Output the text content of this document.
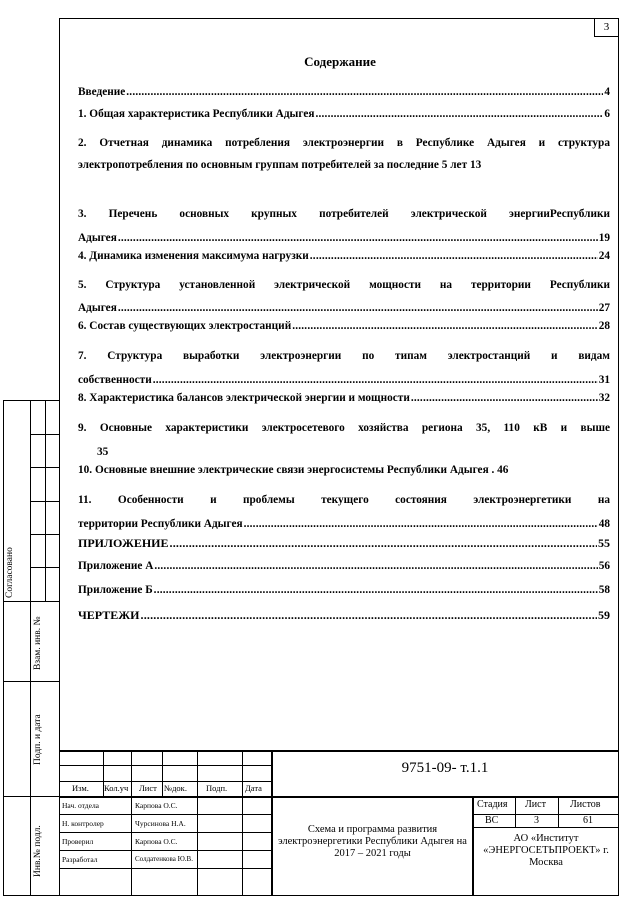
3
Содержание
Введение .....	4
1. Общая характеристика Республики Адыгея .....	6
2. Отчетная динамика потребления электроэнергии в Республике Адыгея и структура электропотребления по основным группам потребителей за последние 5 лет 13
3. Перечень основных крупных потребителей электрической энергииРеспублики
Адыгея .....	19
4. Динамика изменения максимума нагрузки .....	24
5. Структура установленной электрической мощности на территории Республики
Адыгея .....	27
6. Состав существующих электростанций .....	28
7. Структура выработки электроэнергии по типам электростанций и видам
собственности .....	31
8. Характеристика балансов электрической энергии и мощности .....	32
9. Основные характеристики электросетевого хозяйства региона 35, 110 кВ и выше
35
10. Основные внешние электрические связи энергосистемы Республики Адыгея . 46
11. Особенности и проблемы текущего состояния электроэнергетики на
территории Республики Адыгея .....	48
ПРИЛОЖЕНИЕ .....	55
Приложение А .....	56
Приложение Б .....	58
ЧЕРТЕЖИ .....	59
Согласовано
Взам. инв. №
Подп. и дата
Инв.№ подл.
Изм. Кол.уч Лист №док. Подп. Дата
9751-09- т.1.1
Нач. отдела	Карпова О.С.
Н. контролер	Чурсинова Н.А.
Проверил	Карпова О.С.
Разработал	Солдатенкова Ю.В.
Схема и программа развития электроэнергетики Республики Адыгея на 2017 – 2021 годы
Стадия Лист Листов
ВС	3	61
АО «Институт «ЭНЕРГОСЕТЬПРОЕКТ» г. Москва
